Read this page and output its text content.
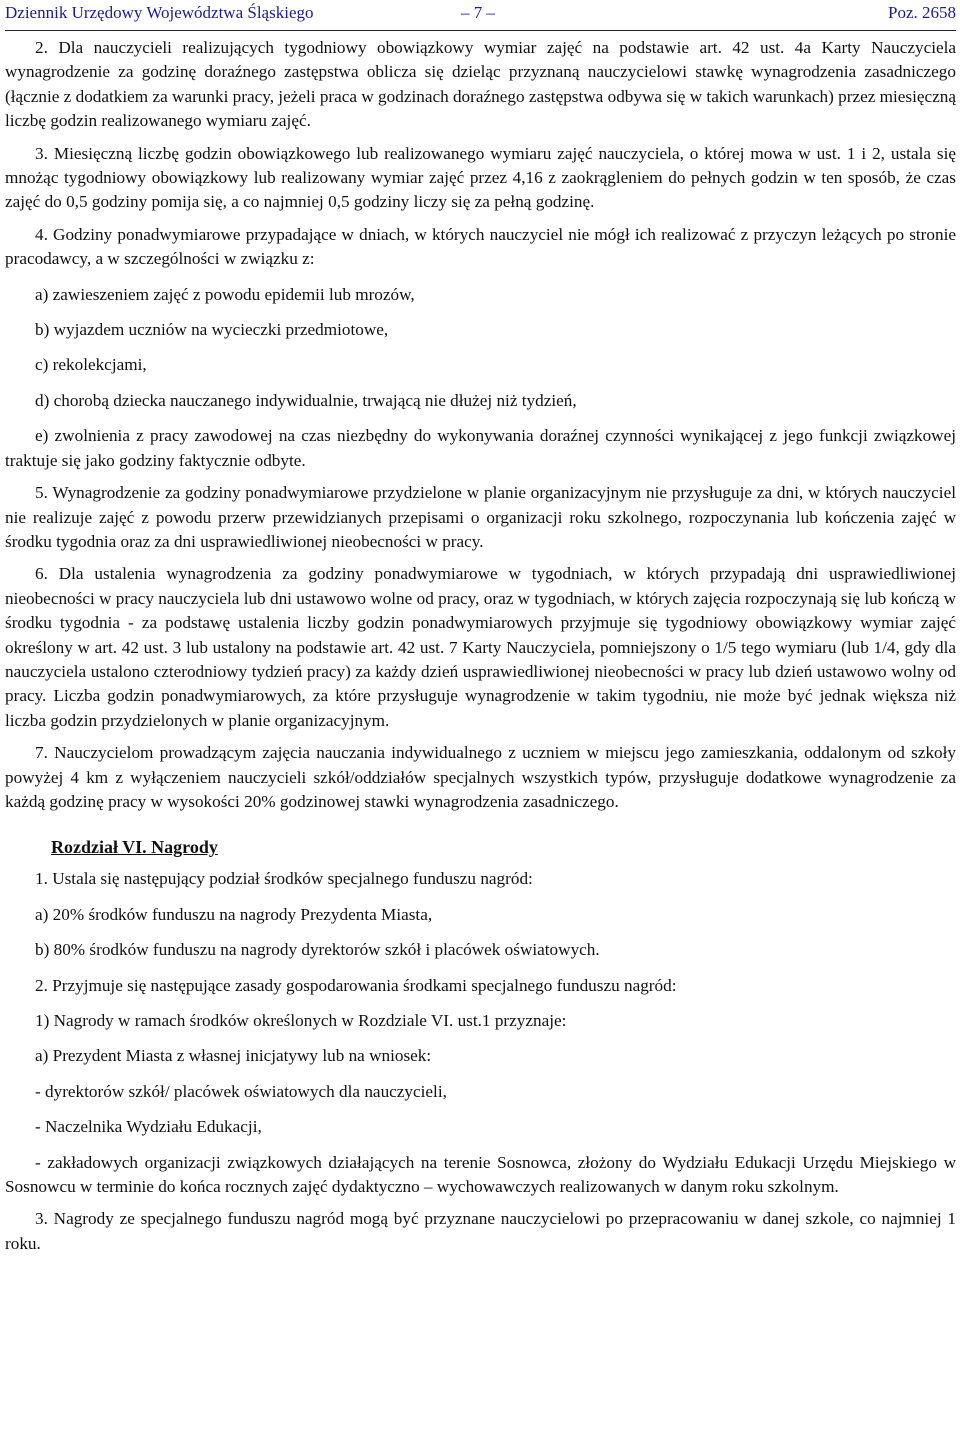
Dziennik Urzędowy Województwa Śląskiego	– 7 –	Poz. 2658

2. Dla nauczycieli realizujących tygodniowy obowiązkowy wymiar zajęć na podstawie art. 42 ust. 4a Karty Nauczyciela wynagrodzenie za godzinę doraźnego zastępstwa oblicza się dzieląc przyznaną nauczycielowi stawkę wynagrodzenia zasadniczego (łącznie z dodatkiem za warunki pracy, jeżeli praca w godzinach doraźnego zastępstwa odbywa się w takich warunkach) przez miesięczną liczbę godzin realizowanego wymiaru zajęć.

3. Miesięczną liczbę godzin obowiązkowego lub realizowanego wymiaru zajęć nauczyciela, o której mowa w ust. 1 i 2, ustala się mnożąc tygodniowy obowiązkowy lub realizowany wymiar zajęć przez 4,16 z zaokrągleniem do pełnych godzin w ten sposób, że czas zajęć do 0,5 godziny pomija się, a co najmniej 0,5 godziny liczy się za pełną godzinę.

4. Godziny ponadwymiarowe przypadające w dniach, w których nauczyciel nie mógł ich realizować z przyczyn leżących po stronie pracodawcy, a w szczególności w związku z:

a) zawieszeniem zajęć z powodu epidemii lub mrozów,

b) wyjazdem uczniów na wycieczki przedmiotowe,

c) rekolekcjami,

d) chorobą dziecka nauczanego indywidualnie, trwającą nie dłużej niż tydzień,

e) zwolnienia z pracy zawodowej na czas niezbędny do wykonywania doraźnej czynności wynikającej z jego funkcji związkowej traktuje się jako godziny faktycznie odbyte.

5. Wynagrodzenie za godziny ponadwymiarowe przydzielone w planie organizacyjnym nie przysługuje za dni, w których nauczyciel nie realizuje zajęć z powodu przerw przewidzianych przepisami o organizacji roku szkolnego, rozpoczynania lub kończenia zajęć w środku tygodnia oraz za dni usprawiedliwionej nieobecności w pracy.

6. Dla ustalenia wynagrodzenia za godziny ponadwymiarowe w tygodniach, w których przypadają dni usprawiedliwionej nieobecności w pracy nauczyciela lub dni ustawowo wolne od pracy, oraz w tygodniach, w których zajęcia rozpoczynają się lub kończą w środku tygodnia - za podstawę ustalenia liczby godzin ponadwymiarowych przyjmuje się tygodniowy obowiązkowy wymiar zajęć określony w art. 42 ust. 3 lub ustalony na podstawie art. 42 ust. 7 Karty Nauczyciela, pomniejszony o 1/5 tego wymiaru (lub 1/4, gdy dla nauczyciela ustalono czterodniowy tydzień pracy) za każdy dzień usprawiedliwionej nieobecności w pracy lub dzień ustawowo wolny od pracy. Liczba godzin ponadwymiarowych, za które przysługuje wynagrodzenie w takim tygodniu, nie może być jednak większa niż liczba godzin przydzielonych w planie organizacyjnym.

7. Nauczycielom prowadzącym zajęcia nauczania indywidualnego z uczniem w miejscu jego zamieszkania, oddalonym od szkoły powyżej 4 km z wyłączeniem nauczycieli szkół/oddziałów specjalnych wszystkich typów, przysługuje dodatkowe wynagrodzenie za każdą godzinę pracy w wysokości 20% godzinowej stawki wynagrodzenia zasadniczego.

Rozdział VI. Nagrody

1. Ustala się następujący podział środków specjalnego funduszu nagród:

a) 20% środków funduszu na nagrody Prezydenta Miasta,

b) 80% środków funduszu na nagrody dyrektorów szkół i placówek oświatowych.

2. Przyjmuje się następujące zasady gospodarowania środkami specjalnego funduszu nagród:

1) Nagrody w ramach środków określonych w Rozdziale VI. ust.1 przyznaje:

a) Prezydent Miasta z własnej inicjatywy lub na wniosek:

- dyrektorów szkół/ placówek oświatowych dla nauczycieli,

- Naczelnika Wydziału Edukacji,

- zakładowych organizacji związkowych działających na terenie Sosnowca, złożony do Wydziału Edukacji Urzędu Miejskiego w Sosnowcu w terminie do końca rocznych zajęć dydaktyczno – wychowawczych realizowanych w danym roku szkolnym.

3. Nagrody ze specjalnego funduszu nagród mogą być przyznane nauczycielowi po przepracowaniu w danej szkole, co najmniej 1 roku.
